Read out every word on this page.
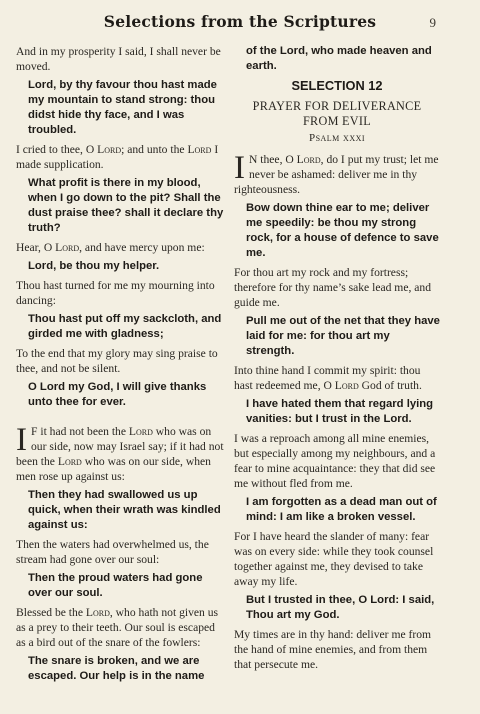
Selections from the Scriptures	9

And in my prosperity I said, I shall never be moved.

Lord, by thy favour thou hast made my mountain to stand strong: thou didst hide thy face, and I was troubled.

I cried to thee, O Lord; and unto the Lord I made supplication.

What profit is there in my blood, when I go down to the pit? Shall the dust praise thee? shall it declare thy truth?

Hear, O Lord, and have mercy upon me:

Lord, be thou my helper.

Thou hast turned for me my mourning into dancing:

Thou hast put off my sackcloth, and girded me with gladness;

To the end that my glory may sing praise to thee, and not be silent.

O Lord my God, I will give thanks unto thee for ever.

I F it had not been the Lord who was on our side, now may Israel say; if it had not been the Lord who was on our side, when men rose up against us:

Then they had swallowed us up quick, when their wrath was kindled against us:

Then the waters had overwhelmed us, the stream had gone over our soul:

Then the proud waters had gone over our soul.

Blessed be the Lord, who hath not given us as a prey to their teeth. Our soul is escaped as a bird out of the snare of the fowlers:

The snare is broken, and we are escaped. Our help is in the name

of the Lord, who made heaven and earth.

SELECTION 12
PRAYER FOR DELIVERANCE
FROM EVIL
Psalm xxxi

I N thee, O Lord, do I put my trust; let me never be ashamed: deliver me in thy righteousness.

Bow down thine ear to me; deliver me speedily: be thou my strong rock, for a house of defence to save me.

For thou art my rock and my fortress; therefore for thy name’s sake lead me, and guide me.

Pull me out of the net that they have laid for me: for thou art my strength.

Into thine hand I commit my spirit: thou hast redeemed me, O Lord God of truth.

I have hated them that regard lying vanities: but I trust in the Lord.

I was a reproach among all mine enemies, but especially among my neighbours, and a fear to mine acquaintance: they that did see me without fled from me.

I am forgotten as a dead man out of mind: I am like a broken vessel.

For I have heard the slander of many: fear was on every side: while they took counsel together against me, they devised to take away my life.

But I trusted in thee, O Lord: I said, Thou art my God.

My times are in thy hand: deliver me from the hand of mine enemies, and from them that persecute me.
